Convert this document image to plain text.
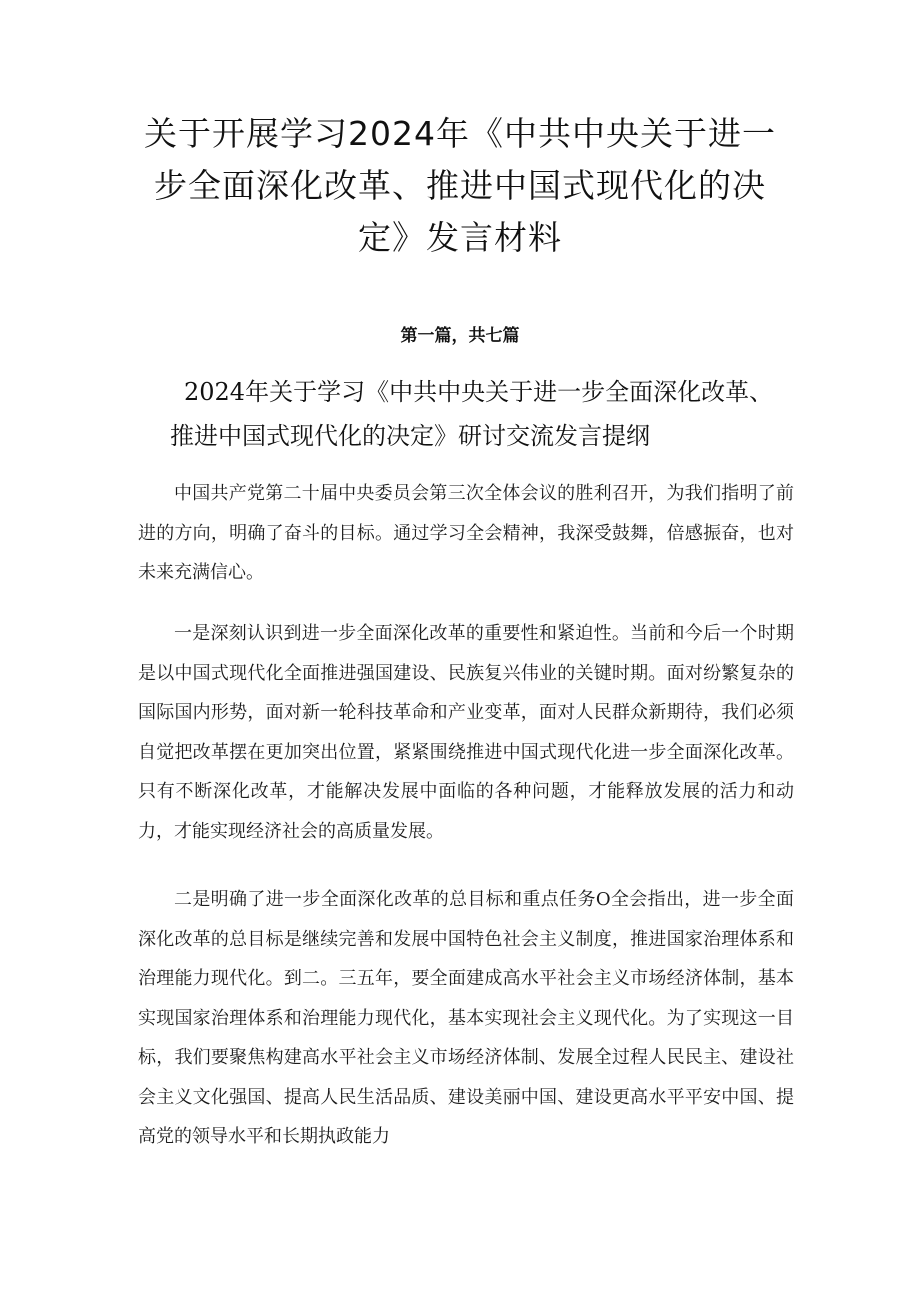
关于开展学习2024年《中共中央关于进一步全面深化改革、推进中国式现代化的决定》发言材料
第一篇，共七篇
2024年关于学习《中共中央关于进一步全面深化改革、
推进中国式现代化的决定》研讨交流发言提纲

中国共产党第二十届中央委员会第三次全体会议的胜利召开，为我们指明了前进的方向，明确了奋斗的目标。通过学习全会精神，我深受鼓舞，倍感振奋，也对未来充满信心。

一是深刻认识到进一步全面深化改革的重要性和紧迫性。当前和今后一个时期是以中国式现代化全面推进强国建设、民族复兴伟业的关键时期。面对纷繁复杂的国际国内形势，面对新一轮科技革命和产业变革，面对人民群众新期待，我们必须自觉把改革摆在更加突出位置，紧紧围绕推进中国式现代化进一步全面深化改革。只有不断深化改革，才能解决发展中面临的各种问题，才能释放发展的活力和动力，才能实现经济社会的高质量发展。

二是明确了进一步全面深化改革的总目标和重点任务O全会指出，进一步全面深化改革的总目标是继续完善和发展中国特色社会主义制度，推进国家治理体系和治理能力现代化。到二。三五年，要全面建成高水平社会主义市场经济体制，基本实现国家治理体系和治理能力现代化，基本实现社会主义现代化。为了实现这一目标，我们要聚焦构建高水平社会主义市场经济体制、发展全过程人民民主、建设社会主义文化强国、提高人民生活品质、建设美丽中国、建设更高水平平安中国、提高党的领导水平和长期执政能力
